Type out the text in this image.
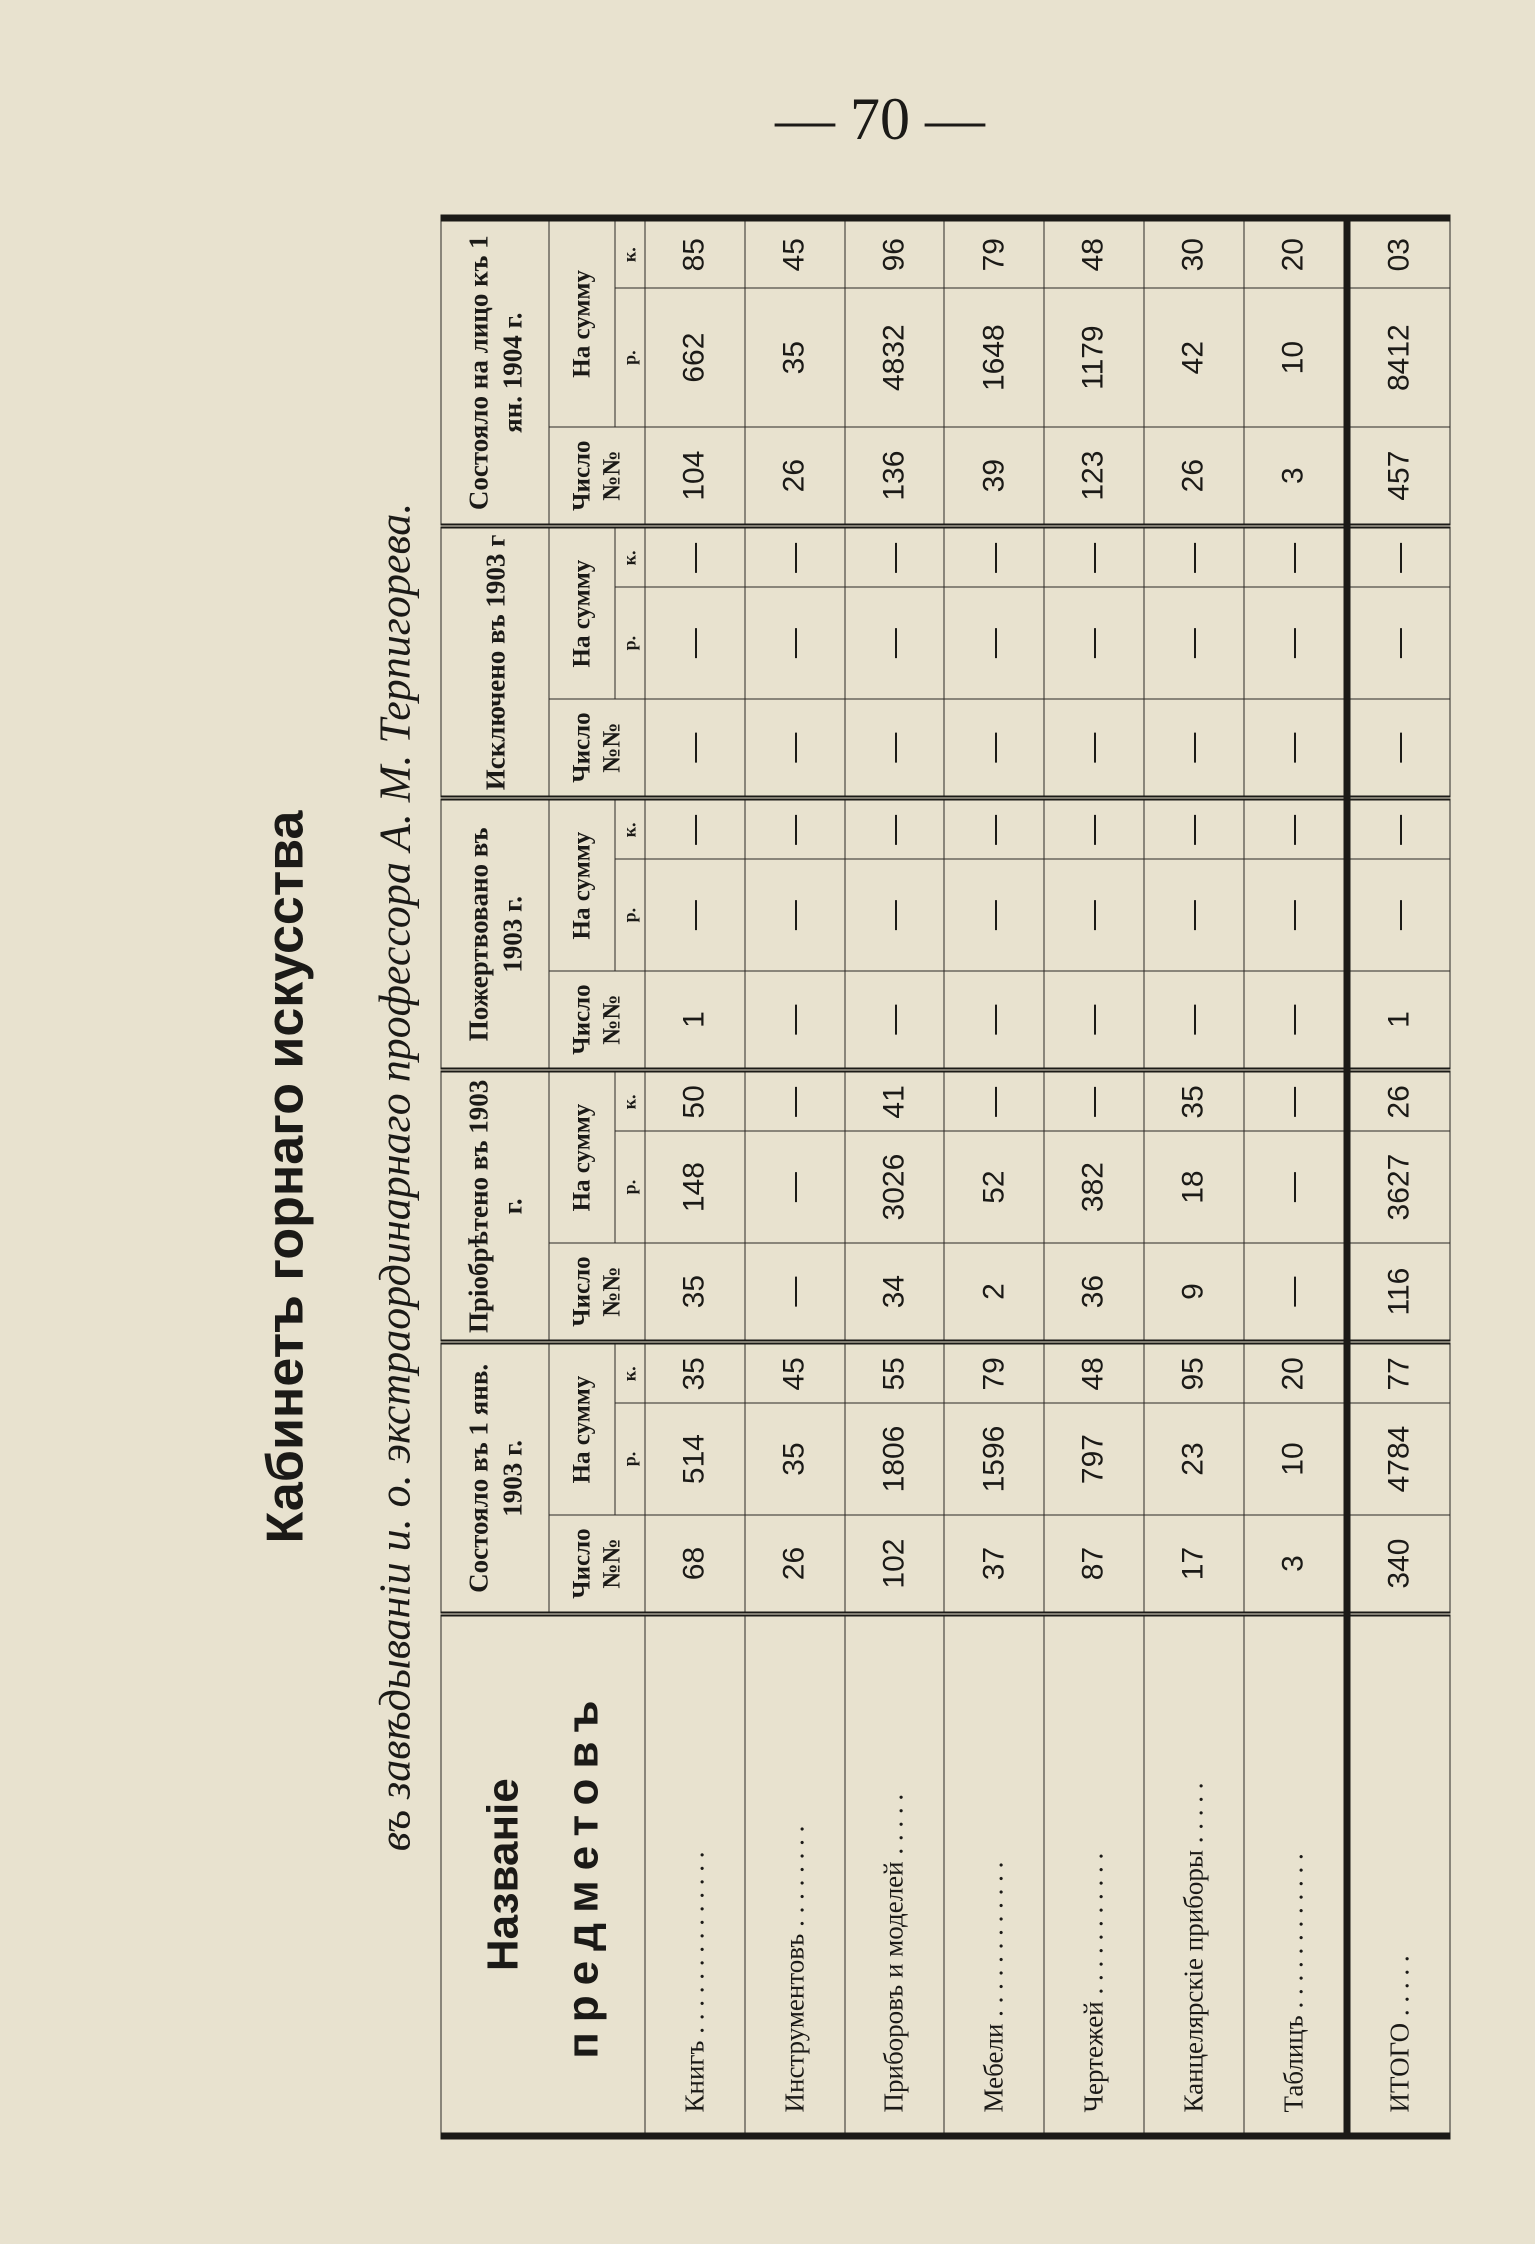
— 70 —
Кабинетъ горнаго искусства	въ завѣдываніи и. о. экстраординарнаго профессора А. М. Терпигорева.
Названіе предметовъ	Состояло въ 1 янв. 1903 г.			Пріобрѣтено въ 1903 г.			Пожертвовано въ 1903 г.			Исключено въ 1903 г			Состояло на лицо къ 1 ян. 1904 г.		
	Число №№	На сумму		Число №№	На сумму		Число №№	На сумму		Число №№	На сумму		Число №№	На сумму	
		р.	к.		р.	к.		р.	к.		р.	к.		р.	к.
Книгъ . . . . . . . . . . . . . .	68	514	35	35	148	50	1	—	—	—	—	—	104	662	85
Инструментовъ . . . . . . . .	26	35	45	—	—	—	—	—	—	—	—	—	26	35	45
Приборовъ и моделей . . . . .	102	1806	55	34	3026	41	—	—	—	—	—	—	136	4832	96
Мебели . . . . . . . . . . . .	37	1596	79	2	52	—	—	—	—	—	—	—	39	1648	79
Чертежей . . . . . . . . . . .	87	797	48	36	382	—	—	—	—	—	—	—	123	1179	48
Канцелярскіе приборы . . . . .	17	23	95	9	18	35	—	—	—	—	—	—	26	42	30
Таблицъ . . . . . . . . . . . .	3	10	20	—	—	—	—	—	—	—	—	—	3	10	20
ИТОГО . . . . .	340	4784	77	116	3627	26	1	—	—	—	—	—	457	8412	03
